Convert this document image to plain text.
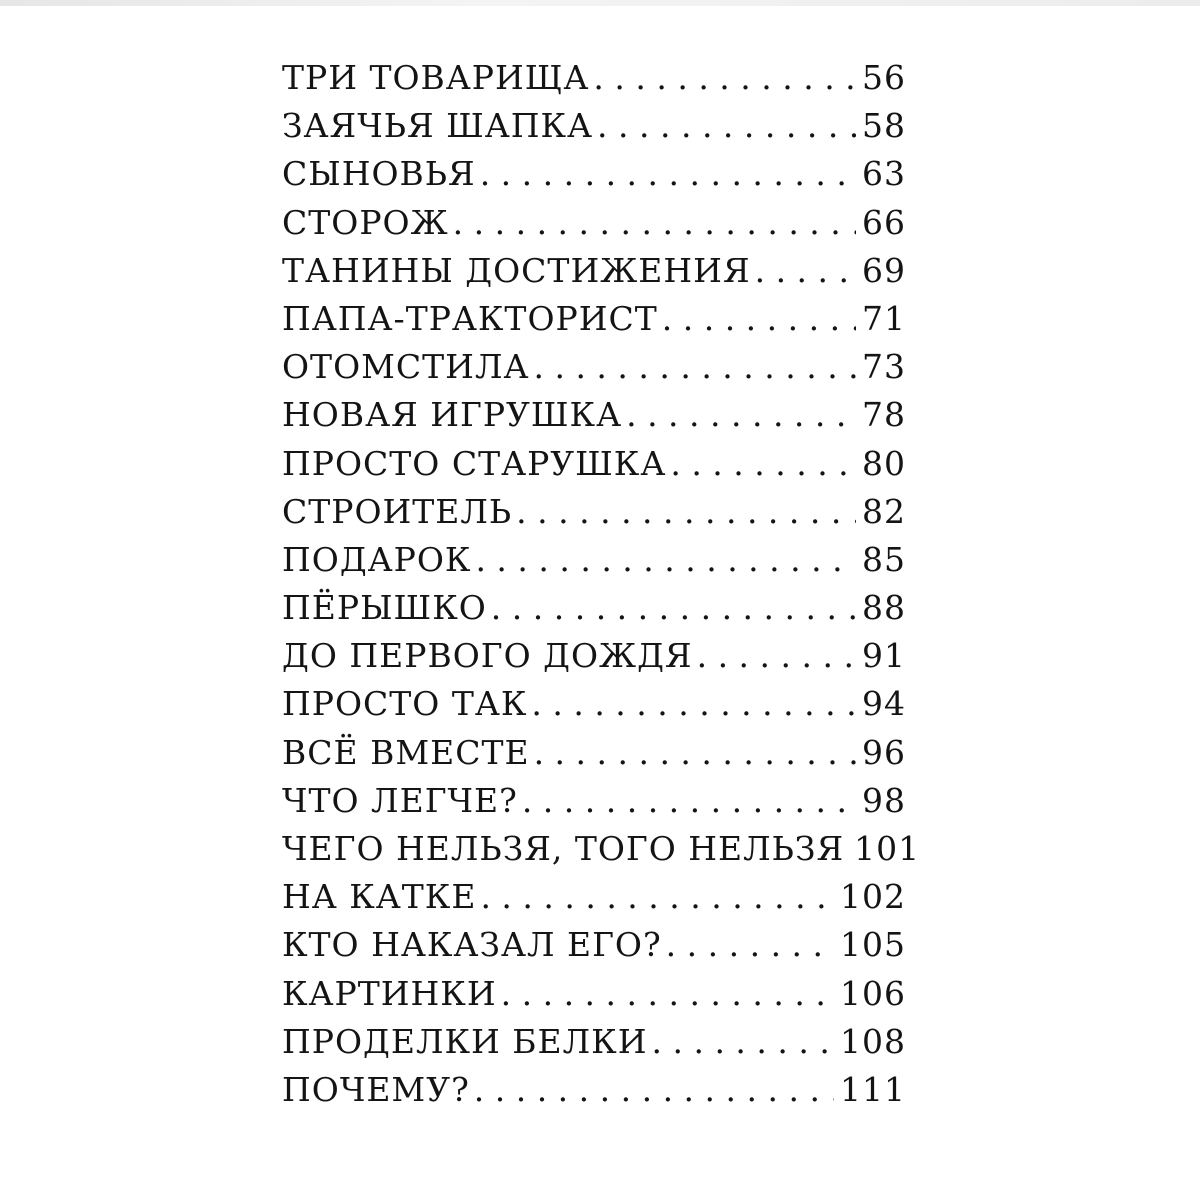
ТРИ ТОВАРИЩА . . .	56
ЗАЯЧЬЯ ШАПКА . . .	58
СЫНОВЬЯ . . .	63
СТОРОЖ . . .	66
ТАНИНЫ ДОСТИЖЕНИЯ . . .	69
ПАПА-ТРАКТОРИСТ . . .	71
ОТОМСТИЛА . . .	73
НОВАЯ ИГРУШКА . . .	78
ПРОСТО СТАРУШКА . . .	80
СТРОИТЕЛЬ . . .	82
ПОДАРОК . . .	85
ПЁРЫШКО . . .	88
ДО ПЕРВОГО ДОЖДЯ . . .	91
ПРОСТО ТАК . . .	94
ВСЁ ВМЕСТЕ . . .	96
ЧТО ЛЕГЧЕ? . . .	98
ЧЕГО НЕЛЬЗЯ, ТОГО НЕЛЬЗЯ 101
НА КАТКЕ . . .	102
КТО НАКАЗАЛ ЕГО? . . .	105
КАРТИНКИ . . .	106
ПРОДЕЛКИ БЕЛКИ . . .	108
ПОЧЕМУ? . . .	111
